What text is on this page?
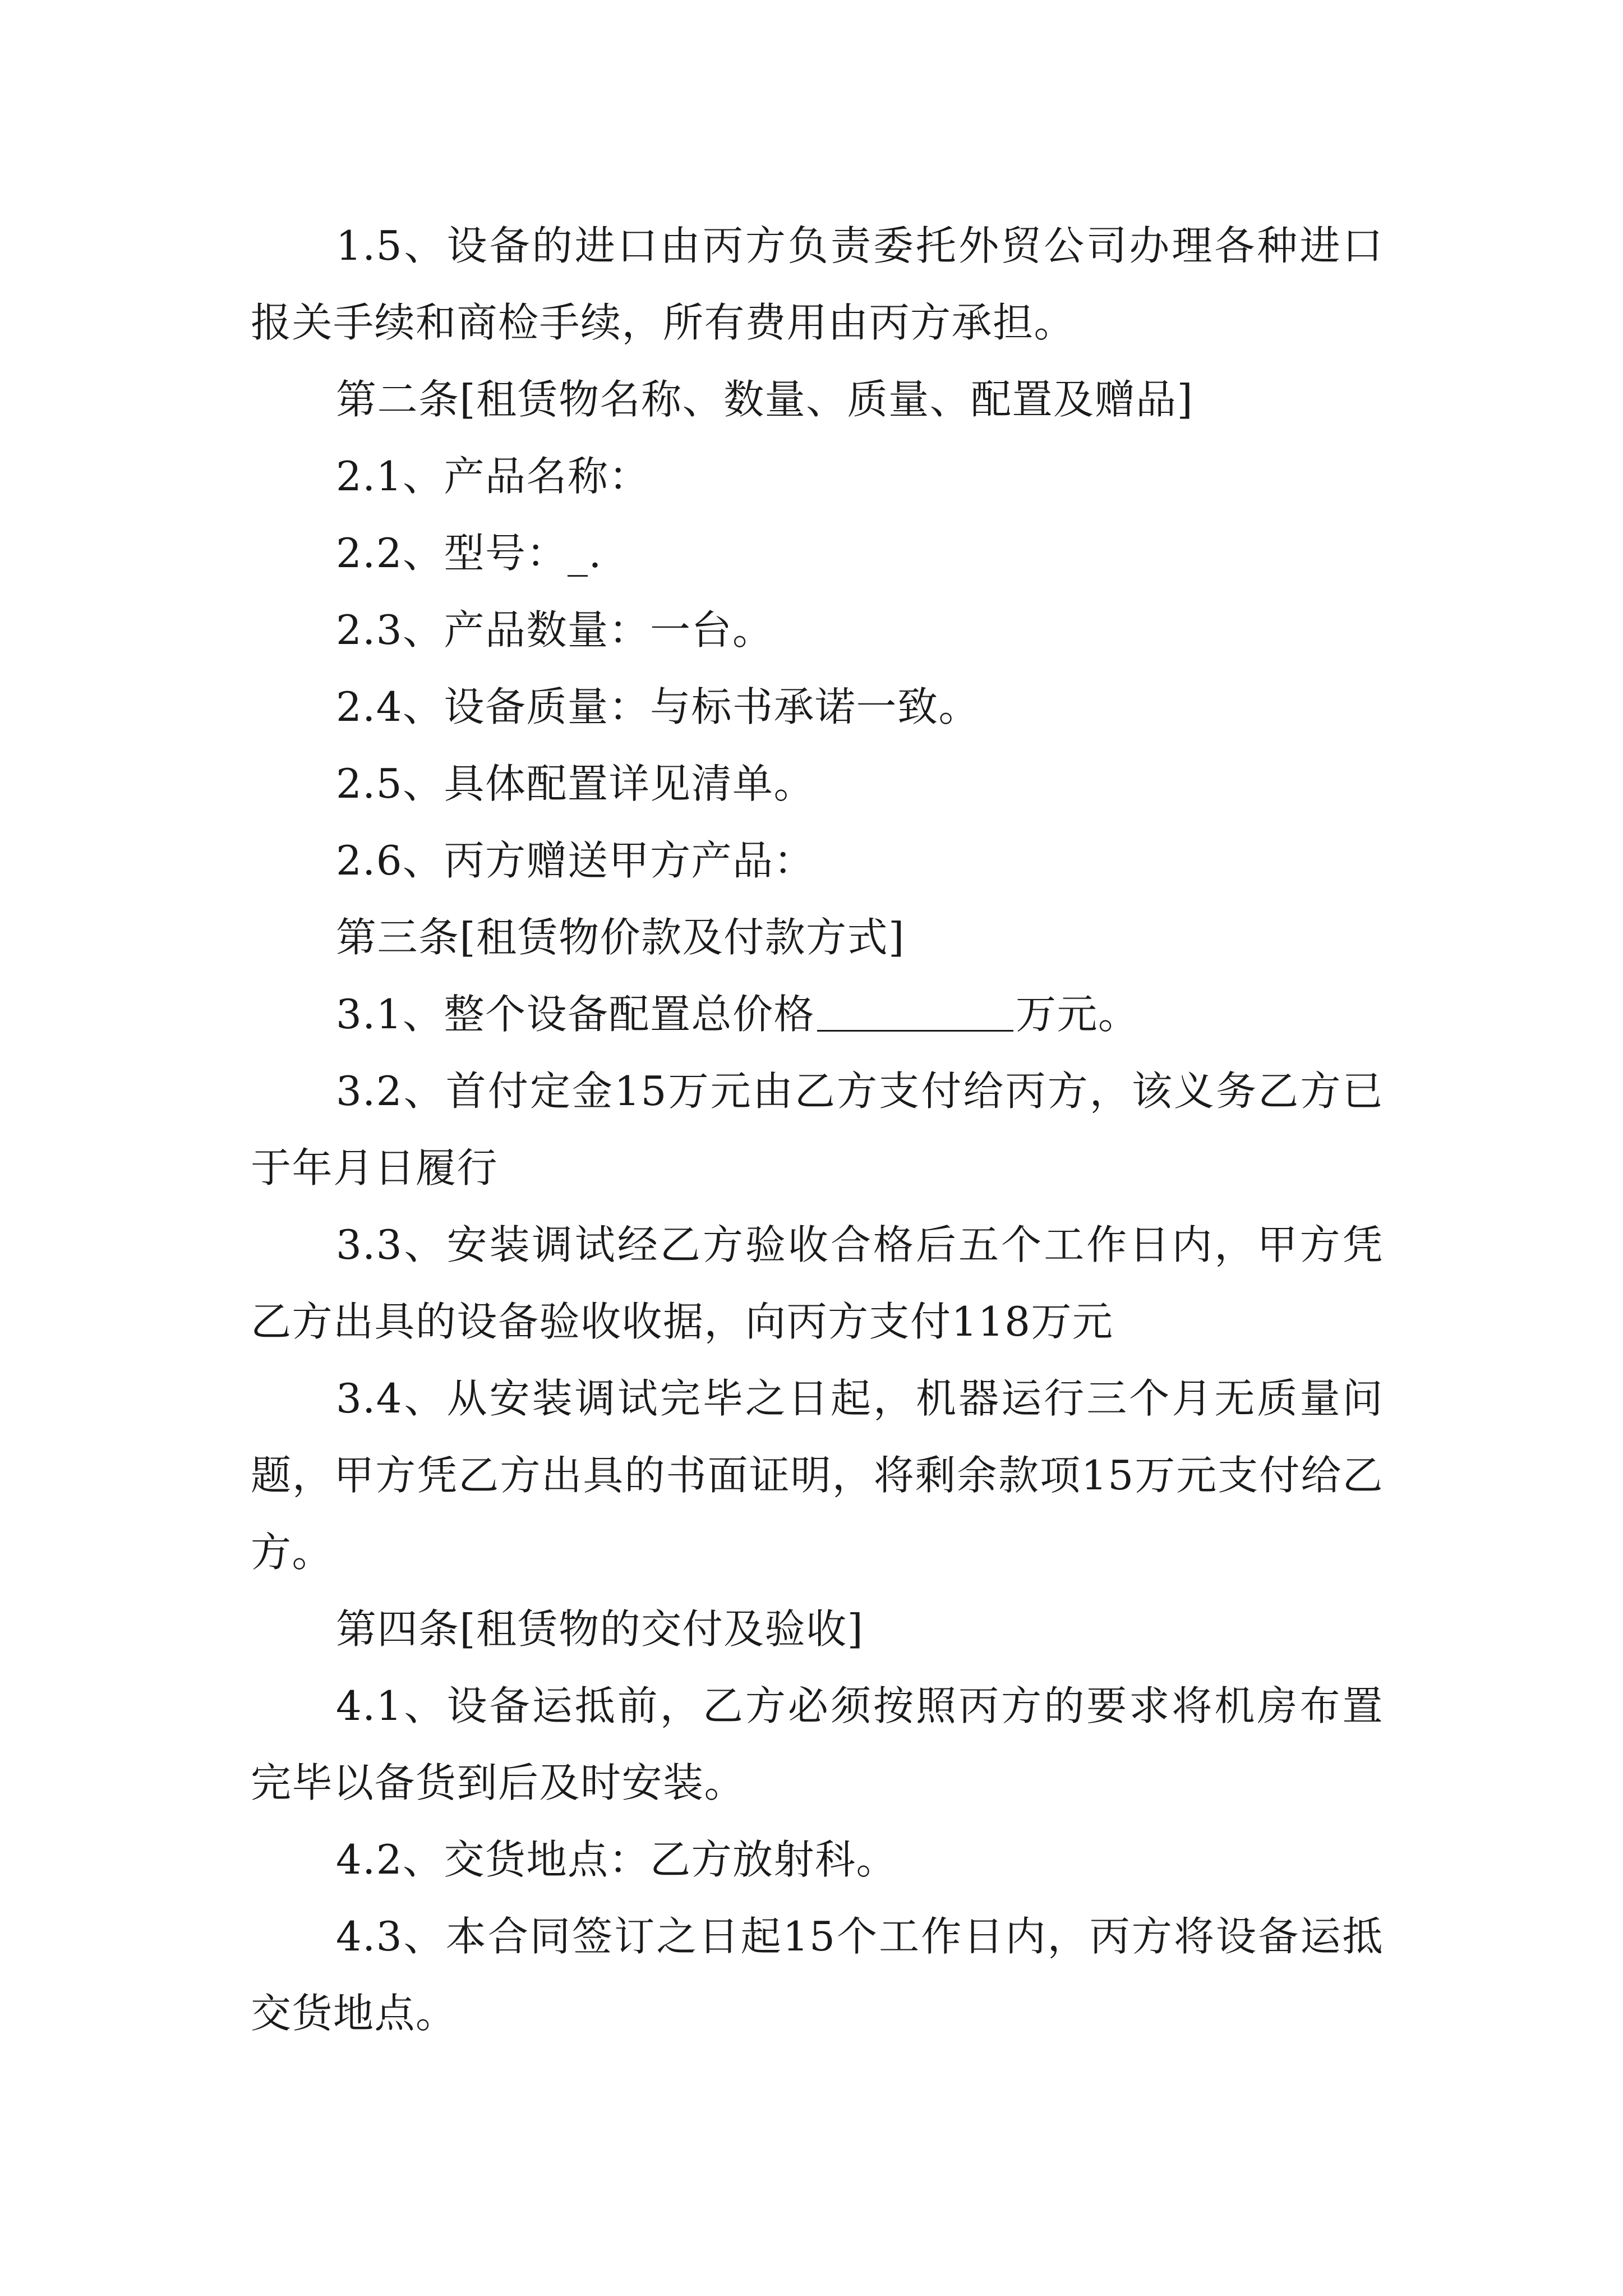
1.5、设备的进口由丙方负责委托外贸公司办理各种进口报关手续和商检手续，所有费用由丙方承担。

第二条[租赁物名称、数量、质量、配置及赠品]

2.1、产品名称：

2.2、型号：_.

2.3、产品数量：一台。

2.4、设备质量：与标书承诺一致。

2.5、具体配置详见清单。

2.6、丙方赠送甲方产品：

第三条[租赁物价款及付款方式]

3.1、整个设备配置总价格	万元。

3.2、首付定金15万元由乙方支付给丙方，该义务乙方已于年月日履行

3.3、安装调试经乙方验收合格后五个工作日内，甲方凭乙方出具的设备验收收据，向丙方支付118万元

3.4、从安装调试完毕之日起，机器运行三个月无质量问题，甲方凭乙方出具的书面证明，将剩余款项15万元支付给乙方。

第四条[租赁物的交付及验收]

4.1、设备运抵前，乙方必须按照丙方的要求将机房布置完毕以备货到后及时安装。

4.2、交货地点：乙方放射科。

4.3、本合同签订之日起15个工作日内，丙方将设备运抵交货地点。
